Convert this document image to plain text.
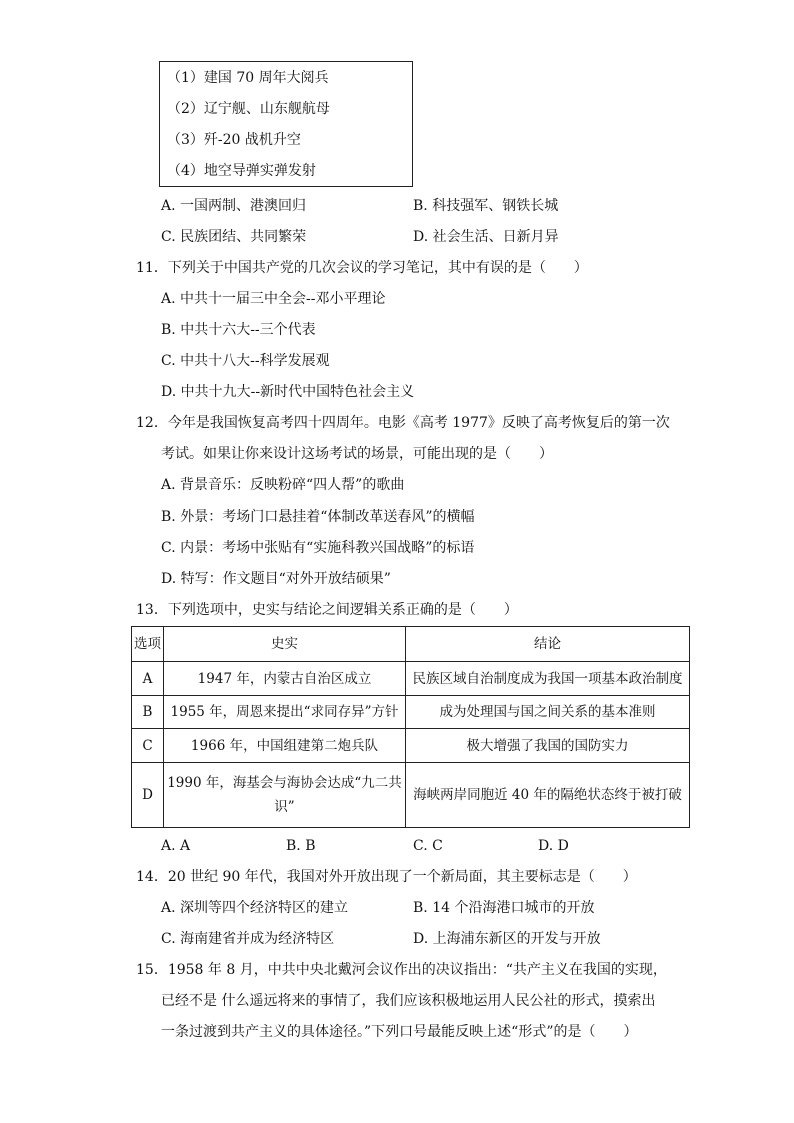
（1）建国 70 周年大阅兵
（2）辽宁舰、山东舰航母
（3）歼-20 战机升空
（4）地空导弹实弹发射
A. 一国两制、港澳回归	B. 科技强军、钢铁长城
C. 民族团结、共同繁荣	D. 社会生活、日新月异
11．下列关于中国共产党的几次会议的学习笔记，其中有误的是（　　）
A. 中共十一届三中全会--邓小平理论
B. 中共十六大--三个代表
C. 中共十八大--科学发展观
D. 中共十九大--新时代中国特色社会主义
12．今年是我国恢复高考四十四周年。电影《高考 1977》反映了高考恢复后的第一次
考试。如果让你来设计这场考试的场景，可能出现的是（　　）
A. 背景音乐：反映粉碎“四人帮”的歌曲
B. 外景：考场门口悬挂着“体制改革送春风”的横幅
C. 内景：考场中张贴有“实施科教兴国战略”的标语
D. 特写：作文题目“对外开放结硕果”
13．下列选项中，史实与结论之间逻辑关系正确的是（　　）
选项	史实	结论
A	1947 年，内蒙古自治区成立	民族区域自治制度成为我国一项基本政治制度
B	1955 年，周恩来提出“求同存异”方针	成为处理国与国之间关系的基本准则
C	1966 年，中国组建第二炮兵队	极大增强了我国的国防实力
D	1990 年，海基会与海协会达成“九二共
识”	海峡两岸同胞近 40 年的隔绝状态终于被打破
A. A	B. B	C. C	D. D
14．20 世纪 90 年代，我国对外开放出现了一个新局面，其主要标志是（　　）
A. 深圳等四个经济特区的建立	B. 14 个沿海港口城市的开放
C. 海南建省并成为经济特区	D. 上海浦东新区的开发与开放
15．1958 年 8 月，中共中央北戴河会议作出的决议指出：“共产主义在我国的实现，
已经不是 什么遥远将来的事情了，我们应该积极地运用人民公社的形式，摸索出
一条过渡到共产主义的具体途径。”下列口号最能反映上述“形式”的是（　　）
